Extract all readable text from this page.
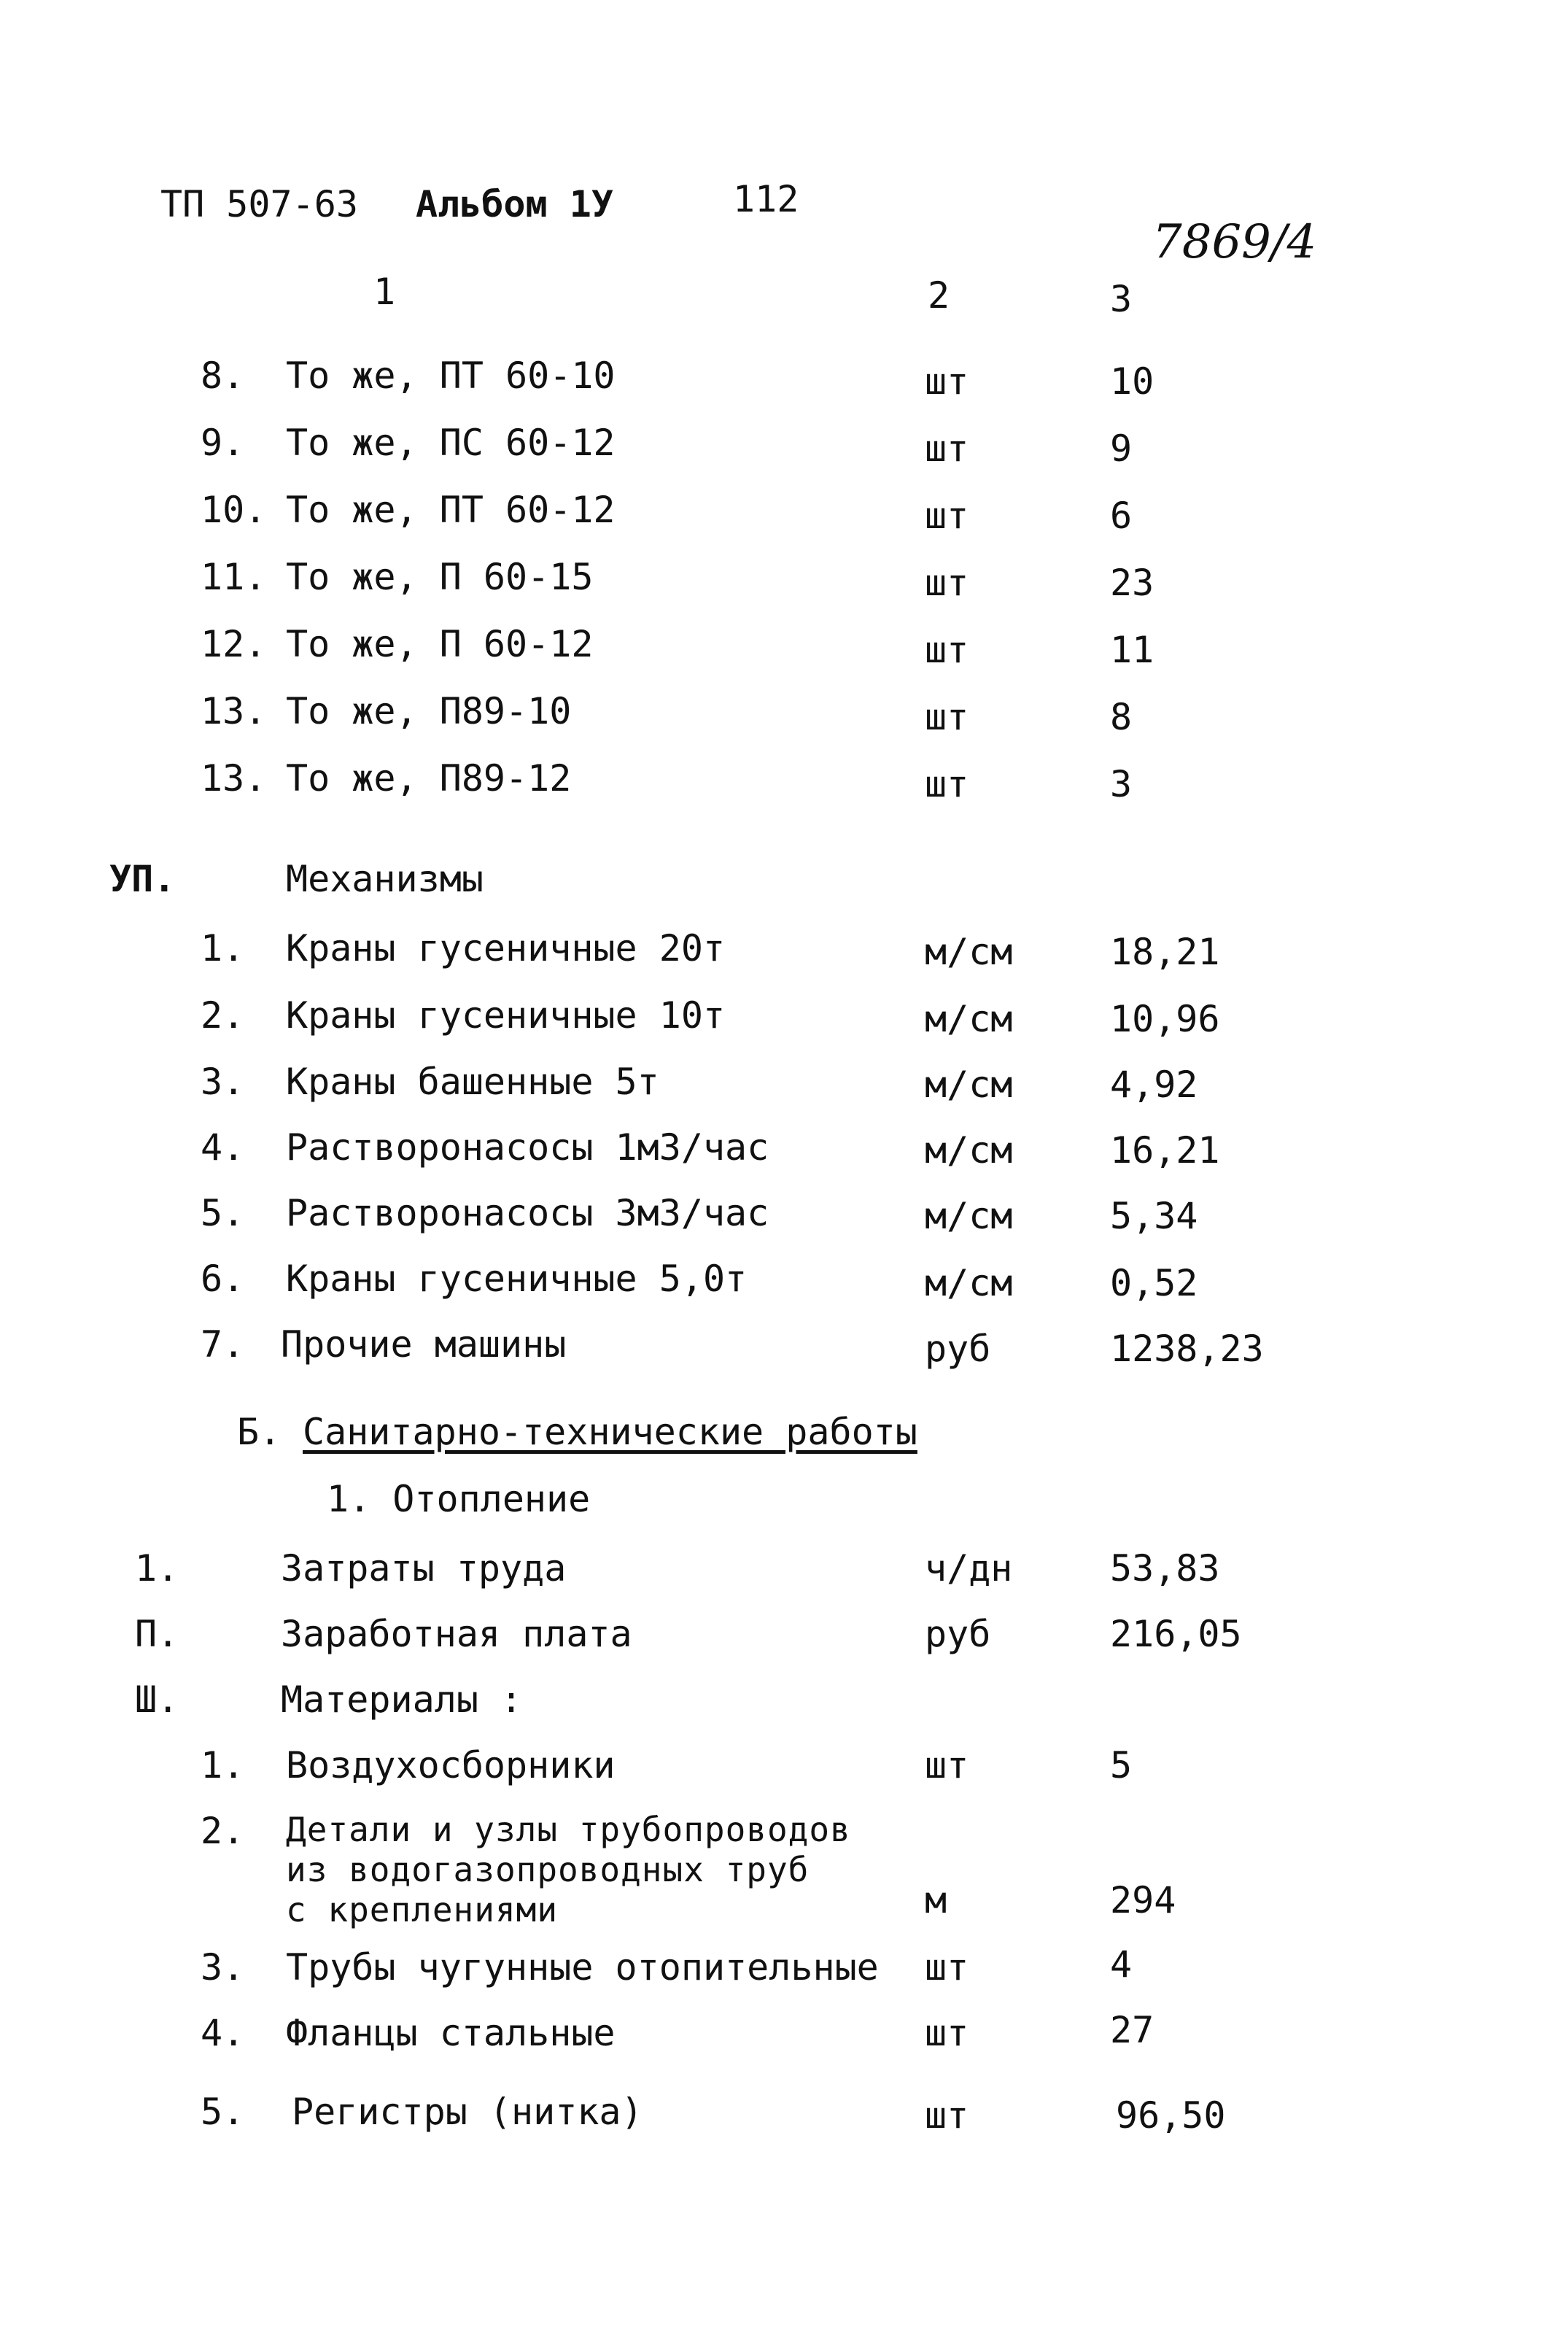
ТП 507-63 Альбом 1У	112
7869/4
1	2	3
8. То же, ПТ 60-10	шт	10
9. То же, ПС 60-12	шт	9
10. То же, ПТ 60-12	шт	6
11. То же, П 60-15	шт	23
12. То же, П 60-12	шт	11
13. То же, П89-10	шт	8
13. То же, П89-12	шт	3
УП.	Механизмы
1. Краны гусеничные 20т	м/см	18,21
2. Краны гусеничные 10т	м/см	10,96
3. Краны башенные 5т	м/см	4,92
4. Растворонасосы 1м3/час	м/см	16,21
5. Растворонасосы 3м3/час	м/см	5,34
6. Краны гусеничные 5,0т	м/см	0,52
7. Прочие машины	руб	1238,23
Б. Санитарно-технические работы
1. Отопление
1.	Затраты труда	ч/дн	53,83
П.	Заработная плата	руб	216,05
Ш.	Материалы :
1. Воздухосборники	шт	5
2. Детали и узлы трубопроводов
из водогазопроводных труб
с креплениями	м	294
3. Трубы чугунные отопительные шт	4
4. Фланцы стальные	шт	27
5. Регистры (нитка)	шт	96,50
